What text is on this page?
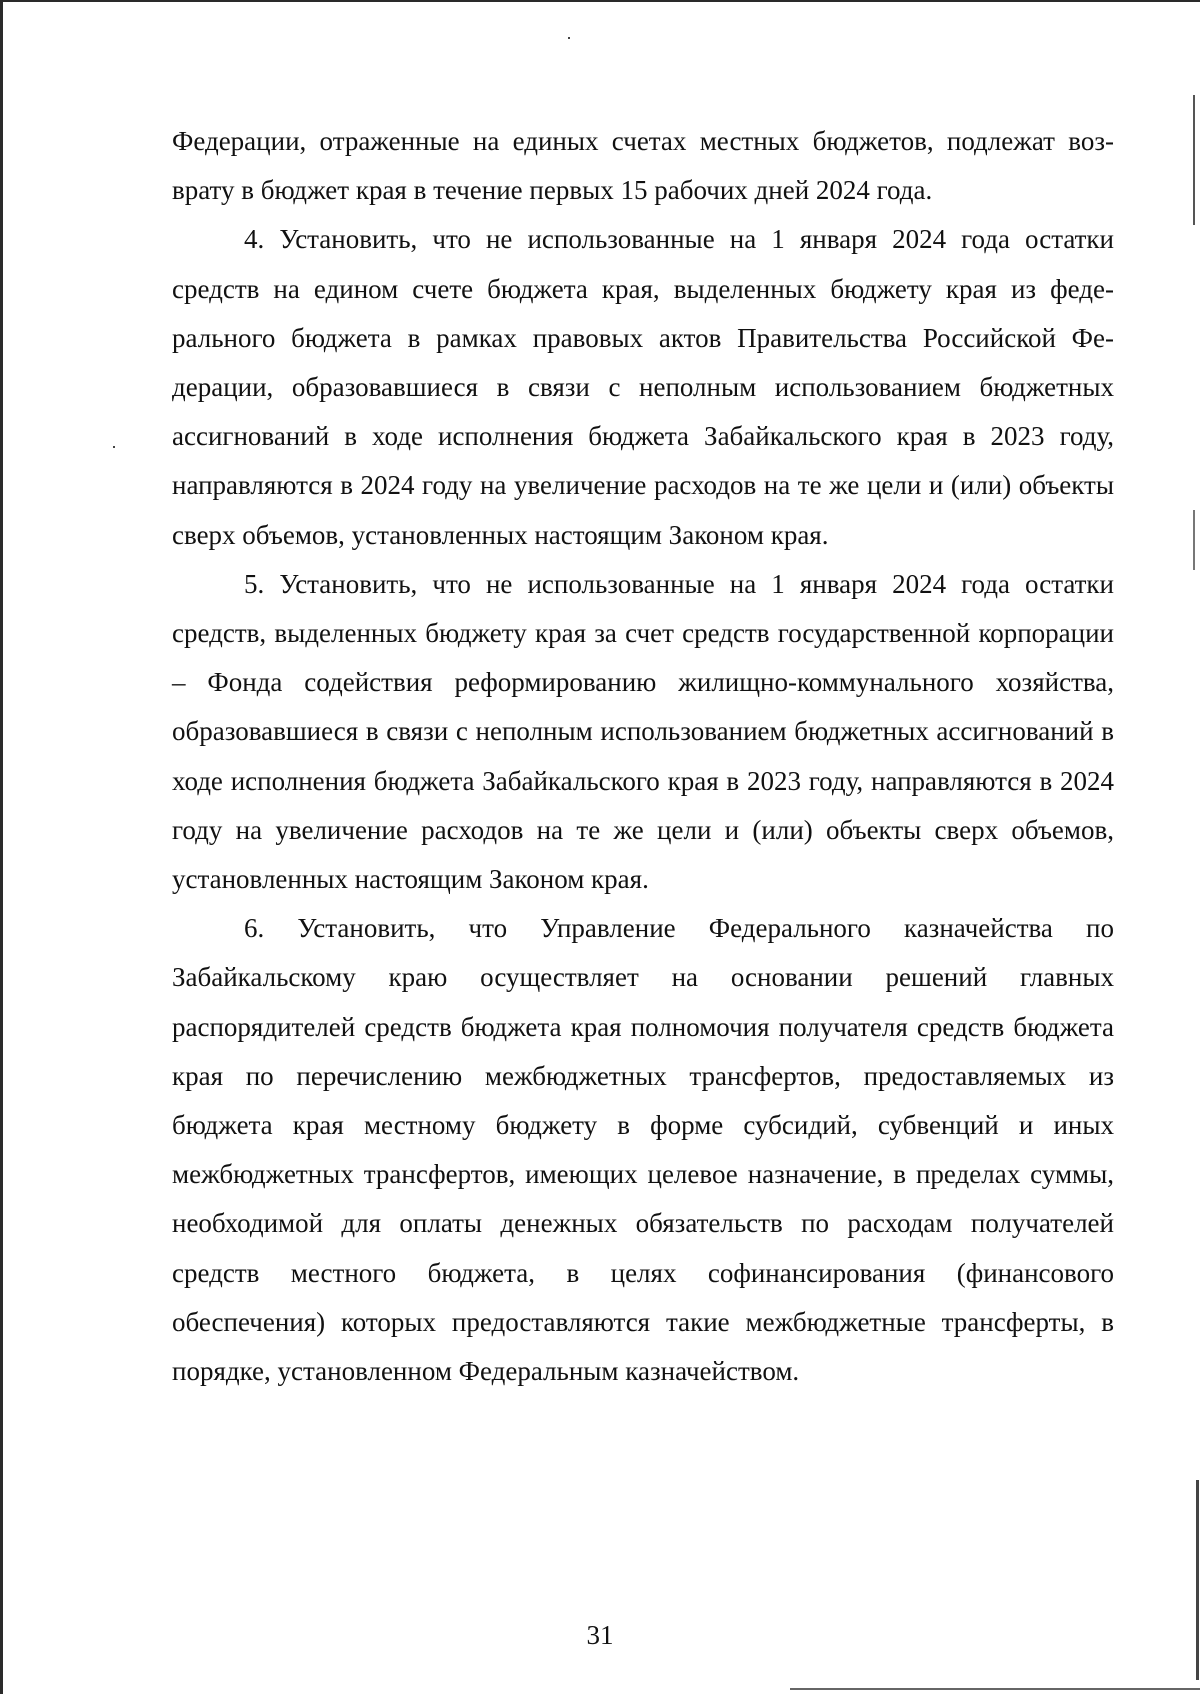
Федерации, отраженные на единых счетах местных бюджетов, подлежат возврату в бюджет края в течение первых 15 рабочих дней 2024 года.

4. Установить, что не использованные на 1 января 2024 года остатки средств на едином счете бюджета края, выделенных бюджету края из федерального бюджета в рамках правовых актов Правительства Российской Федерации, образовавшиеся в связи с неполным использованием бюджетных ассигнований в ходе исполнения бюджета Забайкальского края в 2023 году, направляются в 2024 году на увеличение расходов на те же цели и (или) объекты сверх объемов, установленных настоящим Законом края.

5. Установить, что не использованные на 1 января 2024 года остатки средств, выделенных бюджету края за счет средств государственной корпорации – Фонда содействия реформированию жилищно-коммунального хозяйства, образовавшиеся в связи с неполным использованием бюджетных ассигнований в ходе исполнения бюджета Забайкальского края в 2023 году, направляются в 2024 году на увеличение расходов на те же цели и (или) объекты сверх объемов, установленных настоящим Законом края.

6. Установить, что Управление Федерального казначейства по Забайкальскому краю осуществляет на основании решений главных распорядителей средств бюджета края полномочия получателя средств бюджета края по перечислению межбюджетных трансфертов, предоставляемых из бюджета края местному бюджету в форме субсидий, субвенций и иных межбюджетных трансфертов, имеющих целевое назначение, в пределах суммы, необходимой для оплаты денежных обязательств по расходам получателей средств местного бюджета, в целях софинансирования (финансового обеспечения) которых предоставляются такие межбюджетные трансферты, в порядке, установленном Федеральным казначейством.

31
